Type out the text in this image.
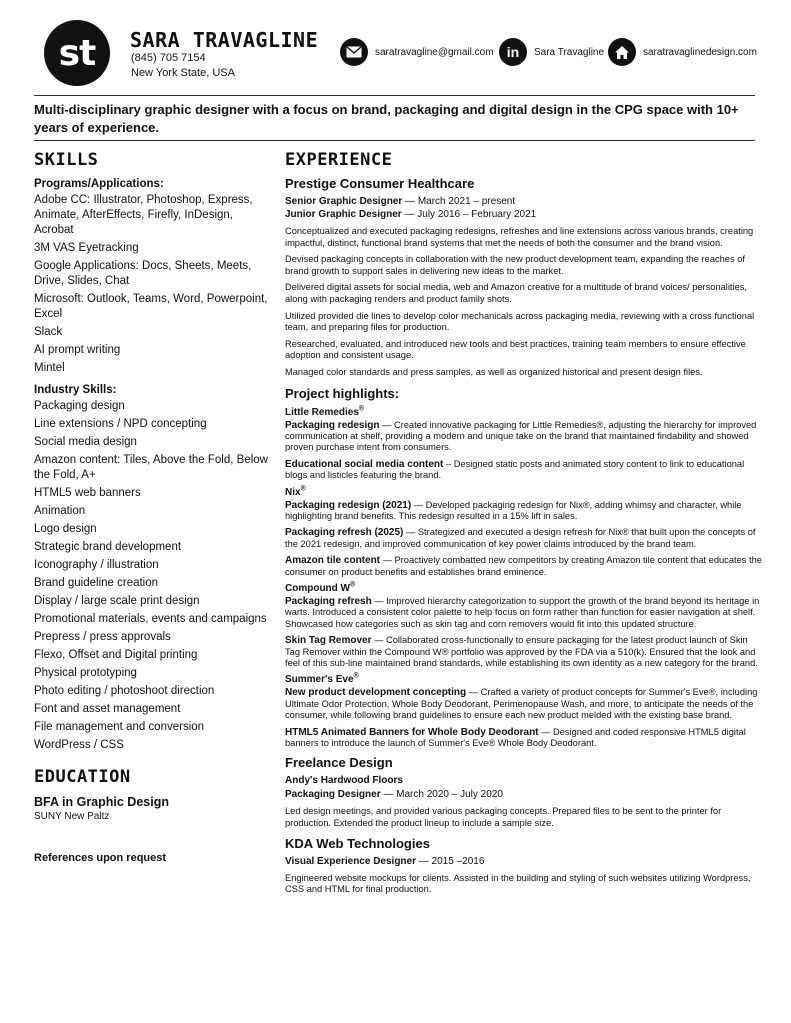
st	SARA TRAVAGLINE
(845) 705 7154
New York State, USA
saratravagline@gmail.com in	Sara Travagline	saratravaglinedesign.com
Multi-disciplinary graphic designer with a focus on brand, packaging and digital design in the CPG space with 10+ years of experience.
SKILLS
Programs/Applications:
Adobe CC: Illustrator, Photoshop, Express, Animate, AfterEffects, Firefly, InDesign, Acrobat
3M VAS Eyetracking
Google Applications: Docs, Sheets, Meets, Drive, Slides, Chat
Microsoft: Outlook, Teams, Word, Powerpoint, Excel
Slack
AI prompt writing
Mintel
Industry Skills:
Packaging design
Line extensions / NPD concepting
Social media design
Amazon content: Tiles, Above the Fold, Below the Fold, A+
HTML5 web banners
Animation
Logo design
Strategic brand development
Iconography / illustration
Brand guideline creation
Display / large scale print design
Promotional materials, events and campaigns
Prepress / press approvals
Flexo, Offset and Digital printing
Physical prototyping
Photo editing / photoshoot direction
Font and asset management
File management and conversion
WordPress / CSS
EDUCATION
BFA in Graphic Design
SUNY New Paltz
References upon request
EXPERIENCE
Prestige Consumer Healthcare
Senior Graphic Designer — March 2021 – present
Junior Graphic Designer — July 2016 – February 2021
Conceptualized and executed packaging redesigns, refreshes and line extensions across various brands, creating impactful, distinct, functional brand systems that met the needs of both the consumer and the brand vision.
Devised packaging concepts in collaboration with the new product development team, expanding the reaches of brand growth to support sales in delivering new ideas to the market.
Delivered digital assets for social media, web and Amazon creative for a multitude of brand voices/ personalities, along with packaging renders and product family shots.
Utilized provided die lines to develop color mechanicals across packaging media, reviewing with a cross functional team, and preparing files for production.
Researched, evaluated, and introduced new tools and best practices, training team members to ensure effective adoption and consistent usage.
Managed color standards and press samples, as well as organized historical and present design files.
Project highlights:
Little Remedies®
Packaging redesign — Created innovative packaging for Little Remedies®, adjusting the hierarchy for improved communication at shelf, providing a modern and unique take on the brand that maintained findability and showed proven purchase intent from consumers.
Educational social media content – Designed static posts and animated story content to link to educational blogs and listicles featuring the brand.
Nix®
Packaging redesign (2021) — Developed packaging redesign for Nix®, adding whimsy and character, while highlighting brand benefits. This redesign resulted in a 15% lift in sales.
Packaging refresh (2025) — Strategized and executed a design refresh for Nix® that built upon the concepts of the 2021 redesign, and improved communication of key power claims introduced by the brand team.
Amazon tile content — Proactively combatted new competitors by creating Amazon tile content that educates the consumer on product benefits and establishes brand eminence.
Compound W®
Packaging refresh — Improved hierarchy categorization to support the growth of the brand beyond its heritage in warts. Introduced a consistent color palette to help focus on form rather than function for easier navigation at shelf. Showcased how categories such as skin tag and corn removers would fit into this updated structure.
Skin Tag Remover — Collaborated cross-functionally to ensure packaging for the latest product launch of Skin Tag Remover within the Compound W® portfolio was approved by the FDA via a 510(k). Ensured that the look and feel of this sub-line maintained brand standards, while establishing its own identity as a new category for the brand.
Summer's Eve®
New product development concepting — Crafted a variety of product concepts for Summer's Eve®, including Ultimate Odor Protection, Whole Body Deodorant, Perimenopause Wash, and more, to anticipate the needs of the consumer, while following brand guidelines to ensure each new product melded with the existing base brand.
HTML5 Animated Banners for Whole Body Deodorant — Designed and coded responsive HTML5 digital banners to introduce the launch of Summer's Eve® Whole Body Deodorant.
Freelance Design
Andy's Hardwood Floors
Packaging Designer — March 2020 – July 2020
Led design meetings, and provided various packaging concepts. Prepared files to be sent to the printer for production. Extended the product lineup to include a sample size.
KDA Web Technologies
Visual Experience Designer — 2015 –2016
Engineered website mockups for clients. Assisted in the building and styling of such websites utilizing Wordpress, CSS and HTML for final production.
